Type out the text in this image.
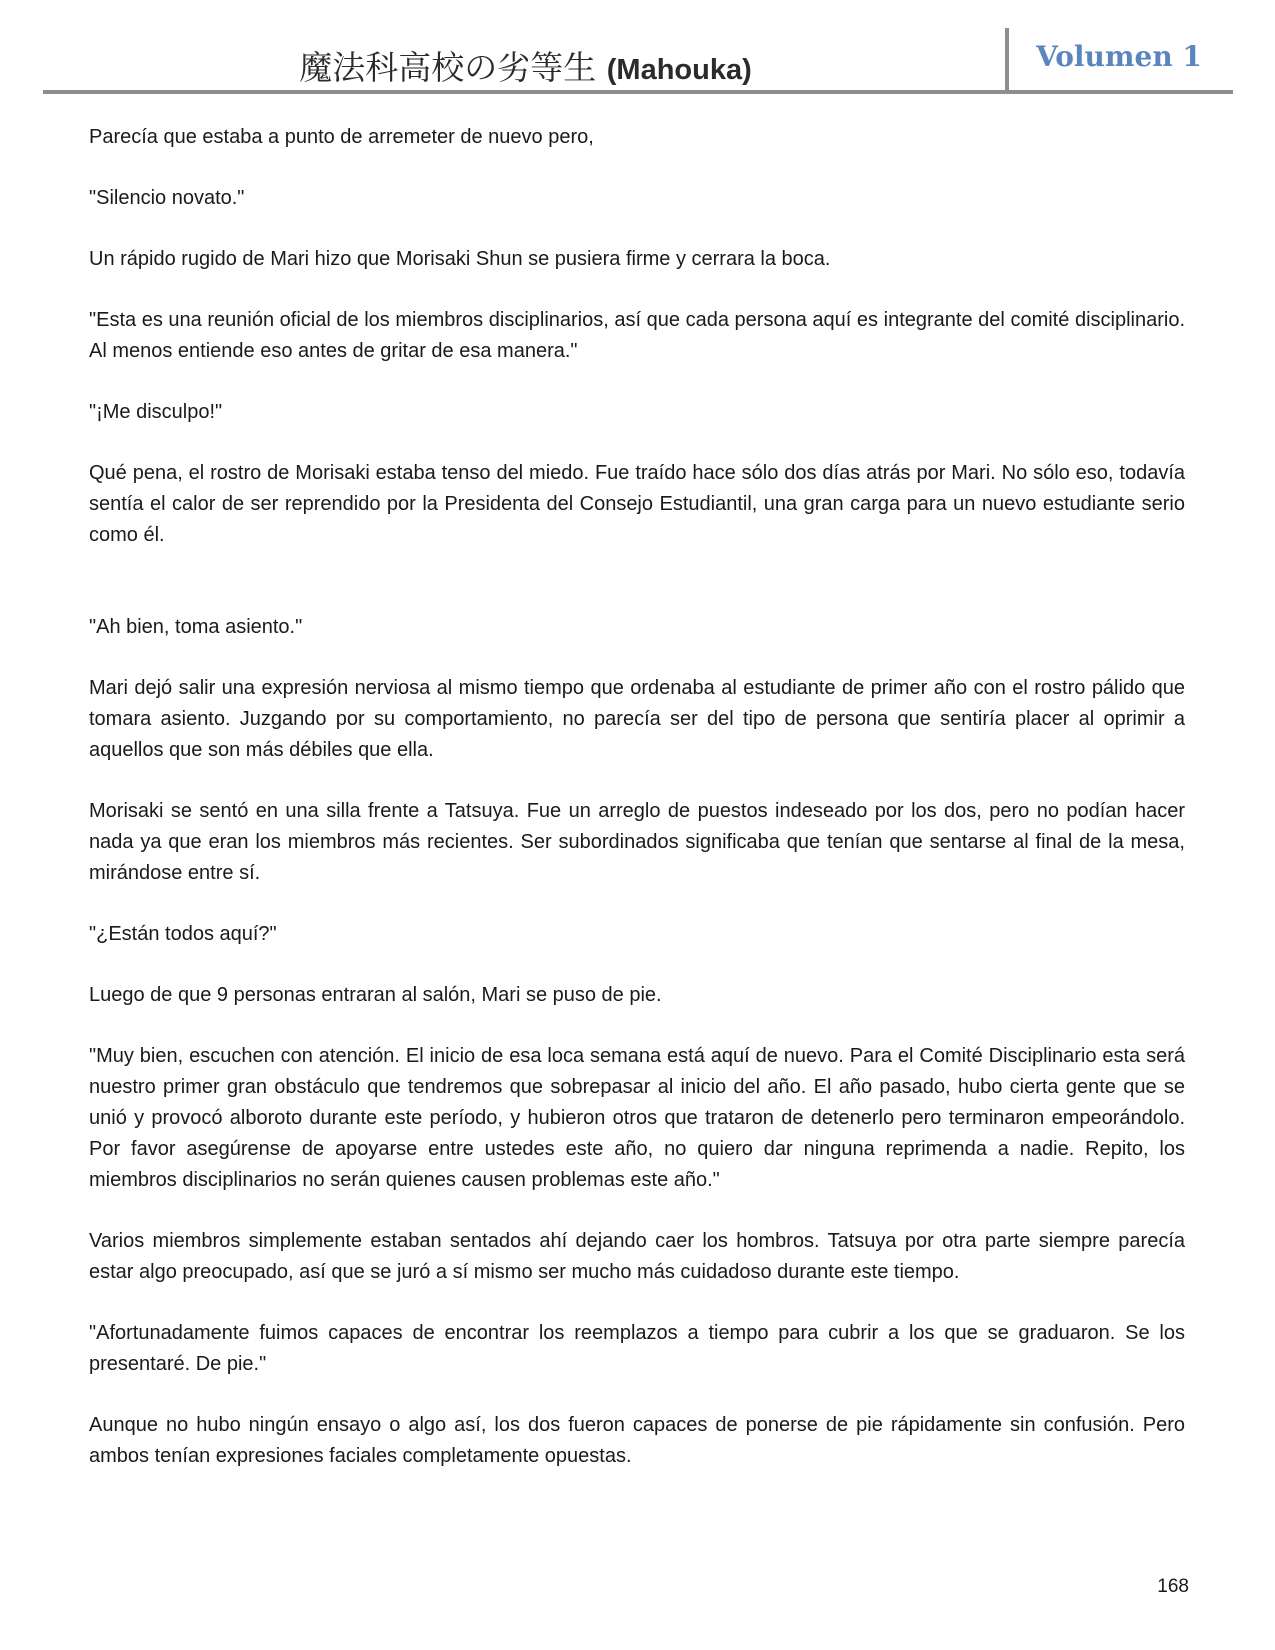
魔法科高校の劣等生 (Mahouka)	Volumen 1

Parecía que estaba a punto de arremeter de nuevo pero,

"Silencio novato."

Un rápido rugido de Mari hizo que Morisaki Shun se pusiera firme y cerrara la boca.

"Esta es una reunión oficial de los miembros disciplinarios, así que cada persona aquí es integrante del comité disciplinario. Al menos entiende eso antes de gritar de esa manera."

"¡Me disculpo!"

Qué pena, el rostro de Morisaki estaba tenso del miedo. Fue traído hace sólo dos días atrás por Mari. No sólo eso, todavía sentía el calor de ser reprendido por la Presidenta del Consejo Estudiantil, una gran carga para un nuevo estudiante serio como él.

"Ah bien, toma asiento."

Mari dejó salir una expresión nerviosa al mismo tiempo que ordenaba al estudiante de primer año con el rostro pálido que tomara asiento. Juzgando por su comportamiento, no parecía ser del tipo de persona que sentiría placer al oprimir a aquellos que son más débiles que ella.

Morisaki se sentó en una silla frente a Tatsuya. Fue un arreglo de puestos indeseado por los dos, pero no podían hacer nada ya que eran los miembros más recientes. Ser subordinados significaba que tenían que sentarse al final de la mesa, mirándose entre sí.

"¿Están todos aquí?"

Luego de que 9 personas entraran al salón, Mari se puso de pie.

"Muy bien, escuchen con atención. El inicio de esa loca semana está aquí de nuevo. Para el Comité Disciplinario esta será nuestro primer gran obstáculo que tendremos que sobrepasar al inicio del año. El año pasado, hubo cierta gente que se unió y provocó alboroto durante este período, y hubieron otros que trataron de detenerlo pero terminaron empeorándolo. Por favor asegúrense de apoyarse entre ustedes este año, no quiero dar ninguna reprimenda a nadie. Repito, los miembros disciplinarios no serán quienes causen problemas este año."

Varios miembros simplemente estaban sentados ahí dejando caer los hombros. Tatsuya por otra parte siempre parecía estar algo preocupado, así que se juró a sí mismo ser mucho más cuidadoso durante este tiempo.

"Afortunadamente fuimos capaces de encontrar los reemplazos a tiempo para cubrir a los que se graduaron. Se los presentaré. De pie."

Aunque no hubo ningún ensayo o algo así, los dos fueron capaces de ponerse de pie rápidamente sin confusión. Pero ambos tenían expresiones faciales completamente opuestas.

168
